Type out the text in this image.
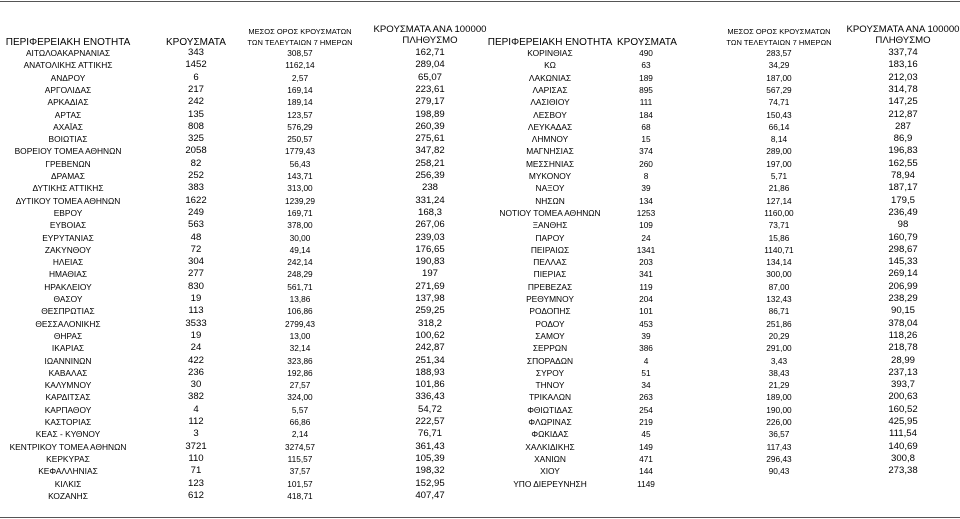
ΠΕΡΙΦΕΡΕΙΑΚΗ ΕΝΟΤΗΤΑ	ΚΡΟΥΣΜΑΤΑ
ΜΕΣΟΣ ΟΡΟΣ ΚΡΟΥΣΜΑΤΩΝ
ΤΩΝ ΤΕΛΕΥΤΑΙΩΝ 7 ΗΜΕΡΩΝ
ΚΡΟΥΣΜΑΤΑ ΑΝΑ 100000
ΠΛΗΘΥΣΜΟ	ΠΕΡΙΦΕΡΕΙΑΚΗ ΕΝΟΤΗΤΑ ΚΡΟΥΣΜΑΤΑ
ΜΕΣΟΣ ΟΡΟΣ ΚΡΟΥΣΜΑΤΩΝ
ΤΩΝ ΤΕΛΕΥΤΑΙΩΝ 7 ΗΜΕΡΩΝ
ΚΡΟΥΣΜΑΤΑ ΑΝΑ 100000
ΠΛΗΘΥΣΜΟ
ΑΙΤΩΛΟΑΚΑΡΝΑΝΙΑΣ	343	308,57	162,71	ΚΟΡΙΝΘΙΑΣ	490	283,57	337,74
ΑΝΑΤΟΛΙΚΗΣ ΑΤΤΙΚΗΣ	1452	1162,14	289,04	ΚΩ	63	34,29	183,16
ΑΝΔΡΟΥ	6	2,57	65,07	ΛΑΚΩΝΙΑΣ	189	187,00	212,03
ΑΡΓΟΛΙΔΑΣ	217	169,14	223,61	ΛΑΡΙΣΑΣ	895	567,29	314,78
ΑΡΚΑΔΙΑΣ	242	189,14	279,17	ΛΑΣΙΘΙΟΥ	111	74,71	147,25
ΑΡΤΑΣ	135	123,57	198,89	ΛΕΣΒΟΥ	184	150,43	212,87
ΑΧΑΪΑΣ	808	576,29	260,39	ΛΕΥΚΑΔΑΣ	68	66,14	287
ΒΟΙΩΤΙΑΣ	325	250,57	275,61	ΛΗΜΝΟΥ	15	8,14	86,9
ΒΟΡΕΙΟΥ ΤΟΜΕΑ ΑΘΗΝΩΝ	2058	1779,43	347,82	ΜΑΓΝΗΣΙΑΣ	374	289,00	196,83
ΓΡΕΒΕΝΩΝ	82	56,43	258,21	ΜΕΣΣΗΝΙΑΣ	260	197,00	162,55
ΔΡΑΜΑΣ	252	143,71	256,39	ΜΥΚΟΝΟΥ	8	5,71	78,94
ΔΥΤΙΚΗΣ ΑΤΤΙΚΗΣ	383	313,00	238	ΝΑΞΟΥ	39	21,86	187,17
ΔΥΤΙΚΟΥ ΤΟΜΕΑ ΑΘΗΝΩΝ	1622	1239,29	331,24	ΝΗΣΩΝ	134	127,14	179,5
ΕΒΡΟΥ	249	169,71	168,3	ΝΟΤΙΟΥ ΤΟΜΕΑ ΑΘΗΝΩΝ	1253	1160,00	236,49
ΕΥΒΟΙΑΣ	563	378,00	267,06	ΞΑΝΘΗΣ	109	73,71	98
ΕΥΡΥΤΑΝΙΑΣ	48	30,00	239,03	ΠΑΡΟΥ	24	15,86	160,79
ΖΑΚΥΝΘΟΥ	72	49,14	176,65	ΠΕΙΡΑΙΩΣ	1341	1140,71	298,67
ΗΛΕΙΑΣ	304	242,14	190,83	ΠΕΛΛΑΣ	203	134,14	145,33
ΗΜΑΘΙΑΣ	277	248,29	197	ΠΙΕΡΙΑΣ	341	300,00	269,14
ΗΡΑΚΛΕΙΟΥ	830	561,71	271,69	ΠΡΕΒΕΖΑΣ	119	87,00	206,99
ΘΑΣΟΥ	19	13,86	137,98	ΡΕΘΥΜΝΟΥ	204	132,43	238,29
ΘΕΣΠΡΩΤΙΑΣ	113	106,86	259,25	ΡΟΔΟΠΗΣ	101	86,71	90,15
ΘΕΣΣΑΛΟΝΙΚΗΣ	3533	2799,43	318,2	ΡΟΔΟΥ	453	251,86	378,04
ΘΗΡΑΣ	19	13,00	100,62	ΣΑΜΟΥ	39	20,29	118,26
ΙΚΑΡΙΑΣ	24	32,14	242,87	ΣΕΡΡΩΝ	386	291,00	218,78
ΙΩΑΝΝΙΝΩΝ	422	323,86	251,34	ΣΠΟΡΑΔΩΝ	4	3,43	28,99
ΚΑΒΑΛΑΣ	236	192,86	188,93	ΣΥΡΟΥ	51	38,43	237,13
ΚΑΛΥΜΝΟΥ	30	27,57	101,86	ΤΗΝΟΥ	34	21,29	393,7
ΚΑΡΔΙΤΣΑΣ	382	324,00	336,43	ΤΡΙΚΑΛΩΝ	263	189,00	200,63
ΚΑΡΠΑΘΟΥ	4	5,57	54,72	ΦΘΙΩΤΙΔΑΣ	254	190,00	160,52
ΚΑΣΤΟΡΙΑΣ	112	66,86	222,57	ΦΛΩΡΙΝΑΣ	219	226,00	425,95
ΚΕΑΣ - ΚΥΘΝΟΥ	3	2,14	76,71	ΦΩΚΙΔΑΣ	45	36,57	111,54
ΚΕΝΤΡΙΚΟΥ ΤΟΜΕΑ ΑΘΗΝΩΝ	3721	3274,57	361,43	ΧΑΛΚΙΔΙΚΗΣ	149	117,43	140,69
ΚΕΡΚΥΡΑΣ	110	115,57	105,39	ΧΑΝΙΩΝ	471	296,43	300,8
ΚΕΦΑΛΛΗΝΙΑΣ	71	37,57	198,32	ΧΙΟΥ	144	90,43	273,38
ΚΙΛΚΙΣ	123	101,57	152,95	ΥΠΟ ΔΙΕΡΕΥΝΗΣΗ	1149
ΚΟΖΑΝΗΣ	612	418,71	407,47
